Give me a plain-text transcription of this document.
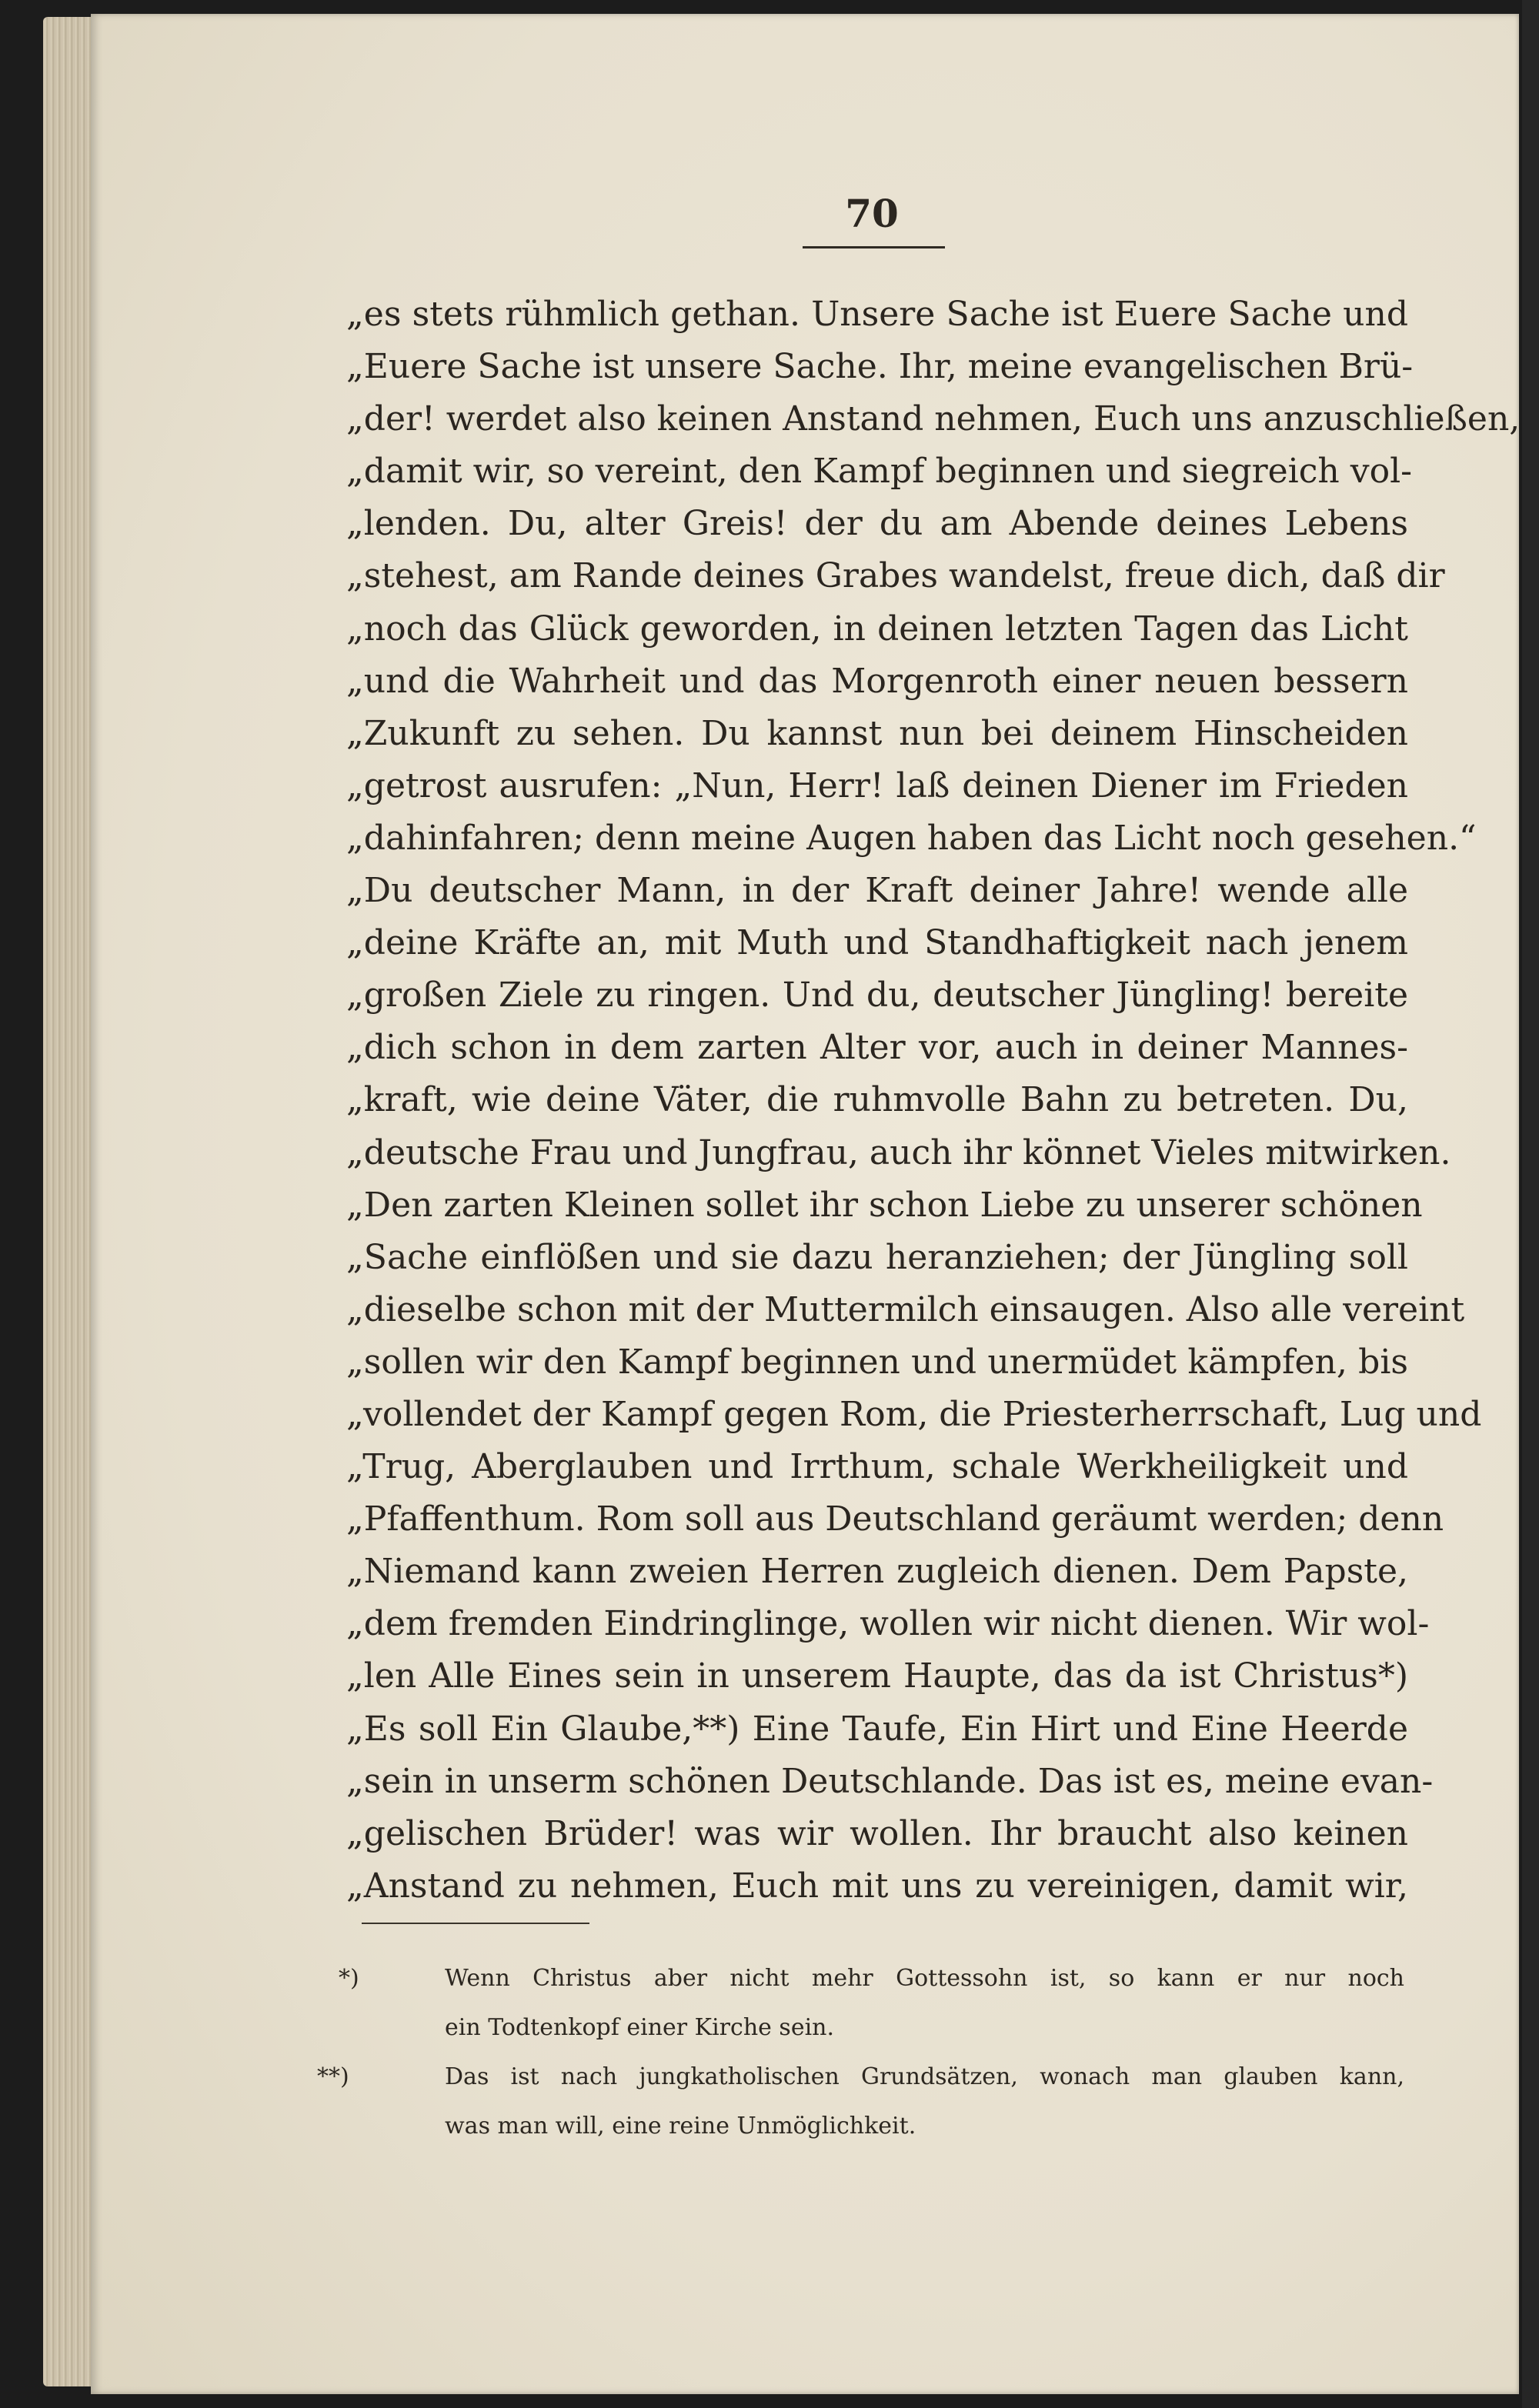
70
„es stets rühmlich gethan. Unsere Sache ist Euere Sache und
„Euere Sache ist unsere Sache. Ihr, meine evangelischen Brü-
„der! werdet also keinen Anstand nehmen, Euch uns anzuschließen,
„damit wir, so vereint, den Kampf beginnen und siegreich vol-
„lenden. Du, alter Greis! der du am Abende deines Lebens
„stehest, am Rande deines Grabes wandelst, freue dich, daß dir
„noch das Glück geworden, in deinen letzten Tagen das Licht
„und die Wahrheit und das Morgenroth einer neuen bessern
„Zukunft zu sehen. Du kannst nun bei deinem Hinscheiden
„getrost ausrufen: „Nun, Herr! laß deinen Diener im Frieden
„dahinfahren; denn meine Augen haben das Licht noch gesehen.“
„Du deutscher Mann, in der Kraft deiner Jahre! wende alle
„deine Kräfte an, mit Muth und Standhaftigkeit nach jenem
„großen Ziele zu ringen. Und du, deutscher Jüngling! bereite
„dich schon in dem zarten Alter vor, auch in deiner Mannes-
„kraft, wie deine Väter, die ruhmvolle Bahn zu betreten. Du,
„deutsche Frau und Jungfrau, auch ihr könnet Vieles mitwirken.
„Den zarten Kleinen sollet ihr schon Liebe zu unserer schönen
„Sache einflößen und sie dazu heranziehen; der Jüngling soll
„dieselbe schon mit der Muttermilch einsaugen. Also alle vereint
„sollen wir den Kampf beginnen und unermüdet kämpfen, bis
„vollendet der Kampf gegen Rom, die Priesterherrschaft, Lug und
„Trug, Aberglauben und Irrthum, schale Werkheiligkeit und
„Pfaffenthum. Rom soll aus Deutschland geräumt werden; denn
„Niemand kann zweien Herren zugleich dienen. Dem Papste,
„dem fremden Eindringlinge, wollen wir nicht dienen. Wir wol-
„len Alle Eines sein in unserem Haupte, das da ist Christus*)
„Es soll Ein Glaube,**) Eine Taufe, Ein Hirt und Eine Heerde
„sein in unserm schönen Deutschlande. Das ist es, meine evan-
„gelischen Brüder! was wir wollen. Ihr braucht also keinen
„Anstand zu nehmen, Euch mit uns zu vereinigen, damit wir,
*)	Wenn Christus aber nicht mehr Gottessohn ist, so kann er nur noch
ein Todtenkopf einer Kirche sein.
**)	Das ist nach jungkatholischen Grundsätzen, wonach man glauben kann,
was man will, eine reine Unmöglichkeit.
